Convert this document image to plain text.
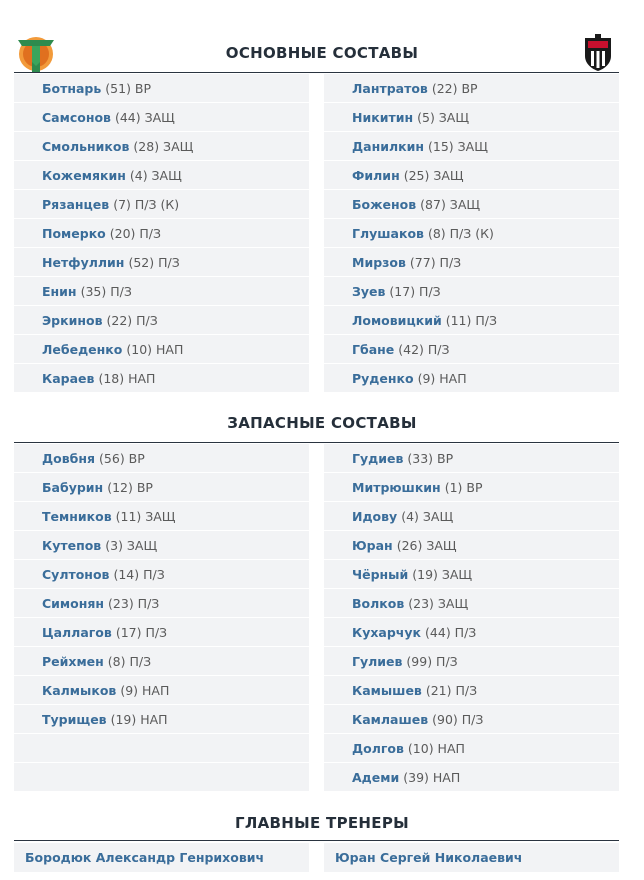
ОСНОВНЫЕ СОСТАВЫ
Ботнарь (51) ВР
Самсонов (44) ЗАЩ
Смольников (28) ЗАЩ
Кожемякин (4) ЗАЩ
Рязанцев (7) П/З (К)
Померко (20) П/З
Нетфуллин (52) П/З
Енин (35) П/З
Эркинов (22) П/З
Лебеденко (10) НАП
Караев (18) НАП
Лантратов (22) ВР
Никитин (5) ЗАЩ
Данилкин (15) ЗАЩ
Филин (25) ЗАЩ
Боженов (87) ЗАЩ
Глушаков (8) П/З (К)
Мирзов (77) П/З
Зуев (17) П/З
Ломовицкий (11) П/З
Гбане (42) П/З
Руденко (9) НАП
ЗАПАСНЫЕ СОСТАВЫ
Довбня (56) ВР
Бабурин (12) ВР
Темников (11) ЗАЩ
Кутепов (3) ЗАЩ
Султонов (14) П/З
Симонян (23) П/З
Цаллагов (17) П/З
Рейхмен (8) П/З
Калмыков (9) НАП
Турищев (19) НАП
Гудиев (33) ВР
Митрюшкин (1) ВР
Идову (4) ЗАЩ
Юран (26) ЗАЩ
Чёрный (19) ЗАЩ
Волков (23) ЗАЩ
Кухарчук (44) П/З
Гулиев (99) П/З
Камышев (21) П/З
Камлашев (90) П/З
Долгов (10) НАП
Адеми (39) НАП
ГЛАВНЫЕ ТРЕНЕРЫ
Бородюк Александр Генрихович	Юран Сергей Николаевич
